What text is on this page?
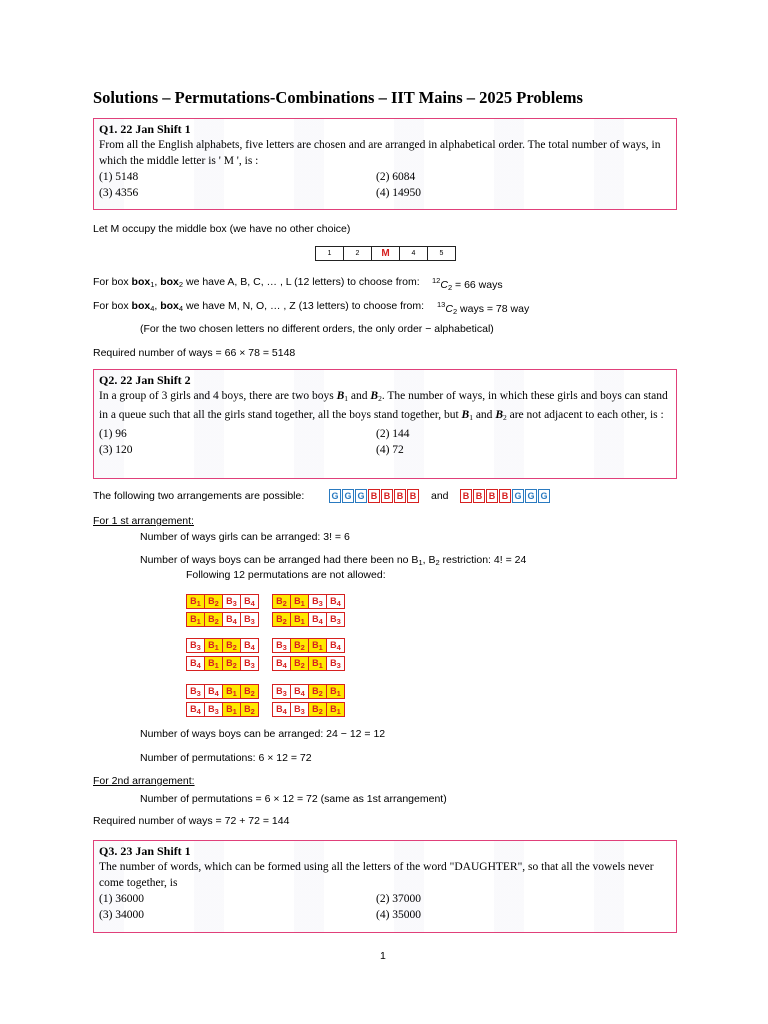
Solutions – Permutations-Combinations – IIT Mains – 2025 Problems
Q1. 22 Jan Shift 1
From all the English alphabets, five letters are chosen and are arranged in alphabetical order. The total number of ways, in which the middle letter is ' M ', is :
(1) 5148	(2) 6084
(3) 4356	(4) 14950
Let M occupy the middle box (we have no other choice)
1	2	M	4	5
For box box$_1$, box$_2$ we have A, B, C, … , L (12 letters) to choose from: $^{12}C_2 = 66$ ways
For box box$_4$, box$_4$ we have M, N, O, … , Z (13 letters) to choose from: $^{13}C_2$ ways = 78 way
(For the two chosen letters no different orders, the only order − alphabetical)
Required number of ways = 66 × 78 = 5148
Q2. 22 Jan Shift 2
In a group of 3 girls and 4 boys, there are two boys $B_1$ and $B_2$. The number of ways, in which these girls and boys can stand in a queue such that all the girls stand together, all the boys stand together, but $B_1$ and $B_2$ are not adjacent to each other, is :
(1) 96	(2) 144
(3) 120	(4) 72
The following two arrangements are possible:	G G G B B B B and	B B B B G G G
For 1 st arrangement:
Number of ways girls can be arranged: 3! = 6
Number of ways boys can be arranged had there been no $B_1$, $B_2$ restriction: 4! = 24
Following 12 permutations are not allowed:
$B_1$ $B_2$ $B_3$ $B_4$	$B_2$ $B_1$ $B_3$ $B_4$
$B_1$ $B_2$ $B_4$ $B_3$	$B_2$ $B_1$ $B_4$ $B_3$
$B_3$ $B_1$ $B_2$ $B_4$	$B_3$ $B_2$ $B_1$ $B_4$
$B_4$ $B_1$ $B_2$ $B_3$	$B_4$ $B_2$ $B_1$ $B_3$
$B_3$ $B_4$ $B_1$ $B_2$	$B_3$ $B_4$ $B_2$ $B_1$
$B_4$ $B_3$ $B_1$ $B_2$	$B_4$ $B_3$ $B_2$ $B_1$
Number of ways boys can be arranged: 24 − 12 = 12
Number of permutations: 6 × 12 = 72
For 2nd arrangement:
Number of permutations = 6 × 12 = 72 (same as 1st arrangement)
Required number of ways = 72 + 72 = 144
Q3. 23 Jan Shift 1
The number of words, which can be formed using all the letters of the word "DAUGHTER", so that all the vowels never come together, is
(1) 36000	(2) 37000
(3) 34000	(4) 35000
1
